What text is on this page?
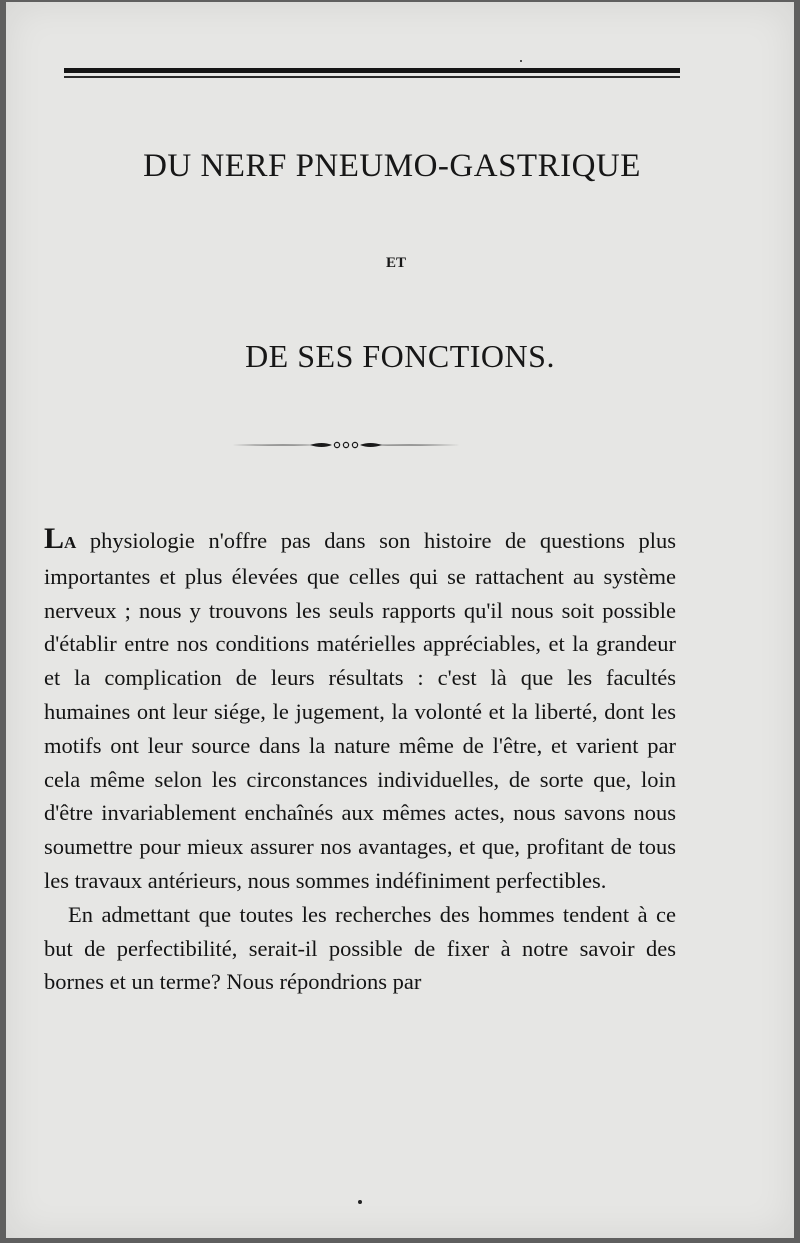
DU NERF PNEUMO-GASTRIQUE
ET
DE SES FONCTIONS.

LA physiologie n'offre pas dans son histoire de questions plus importantes et plus élevées que celles qui se rattachent au système nerveux ; nous y trouvons les seuls rapports qu'il nous soit possible d'établir entre nos conditions matérielles appréciables, et la grandeur et la complication de leurs résultats : c'est là que les facultés humaines ont leur siége, le jugement, la volonté et la liberté, dont les motifs ont leur source dans la nature même de l'être, et varient par cela même selon les circonstances individuelles, de sorte que, loin d'être invariablement enchaînés aux mêmes actes, nous savons nous soumettre pour mieux assurer nos avantages, et que, profitant de tous les travaux antérieurs, nous sommes indéfiniment perfectibles.

En admettant que toutes les recherches des hommes tendent à ce but de perfectibilité, serait-il possible de fixer à notre savoir des bornes et un terme? Nous répondrions par
